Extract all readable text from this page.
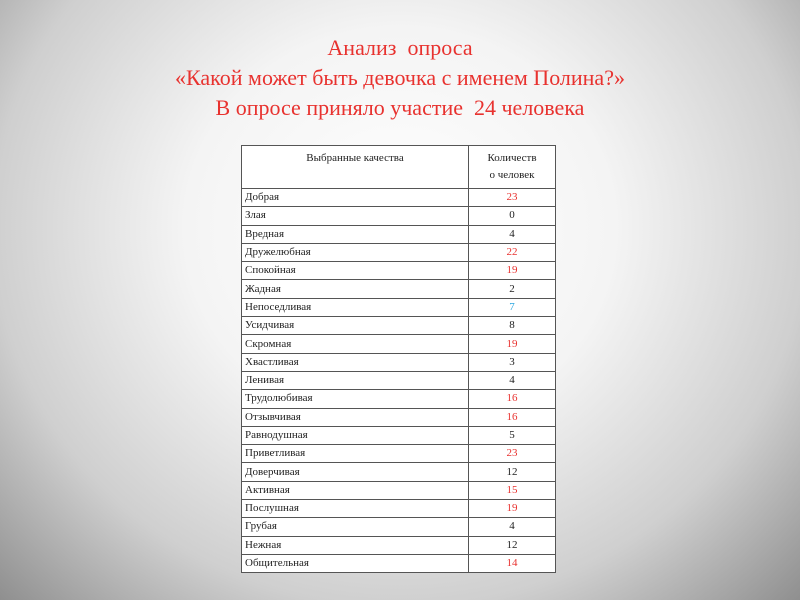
Анализ  опроса
«Какой может быть девочка с именем Полина?»
В опросе приняло участие  24 человека
Выбранные качества	Количеств
о человек

Добрая	23
Злая	0
Вредная	4
Дружелюбная	22
Спокойная	19
Жадная	2
Непоседливая	7
Усидчивая	8
Скромная	19
Хвастливая	3
Ленивая	4
Трудолюбивая	16
Отзывчивая	16
Равнодушная	5
Приветливая	23
Доверчивая	12
Активная	15
Послушная	19
Грубая	4
Нежная	12
Общительная	14
